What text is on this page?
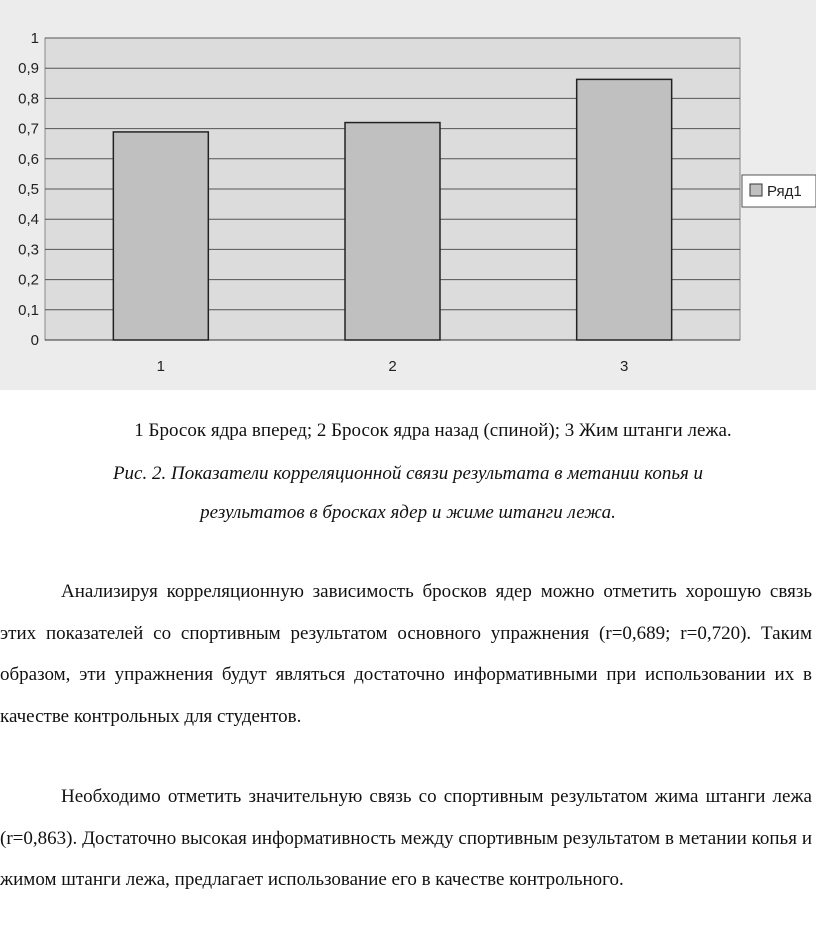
0
0,1
0,2
0,3
0,4
0,5
0,6
0,7
0,8
0,9
1
1	2	3
Ряд1

1 Бросок ядра вперед; 2 Бросок ядра назад (спиной); 3 Жим штанги лежа.

Рис. 2. Показатели корреляционной связи результата в метании копья и

результатов в бросках ядер и жиме штанги лежа.

Анализируя корреляционную зависимость бросков ядер можно отметить хорошую связь этих показателей со спортивным результатом основного упражнения (r=0,689; r=0,720). Таким образом, эти упражнения будут являться достаточно информативными при использовании их в качестве контрольных для студентов.

Необходимо отметить значительную связь со спортивным результатом жима штанги лежа (r=0,863). Достаточно высокая информативность между спортивным результатом в метании копья и жимом штанги лежа, предлагает использование его в качестве контрольного.
